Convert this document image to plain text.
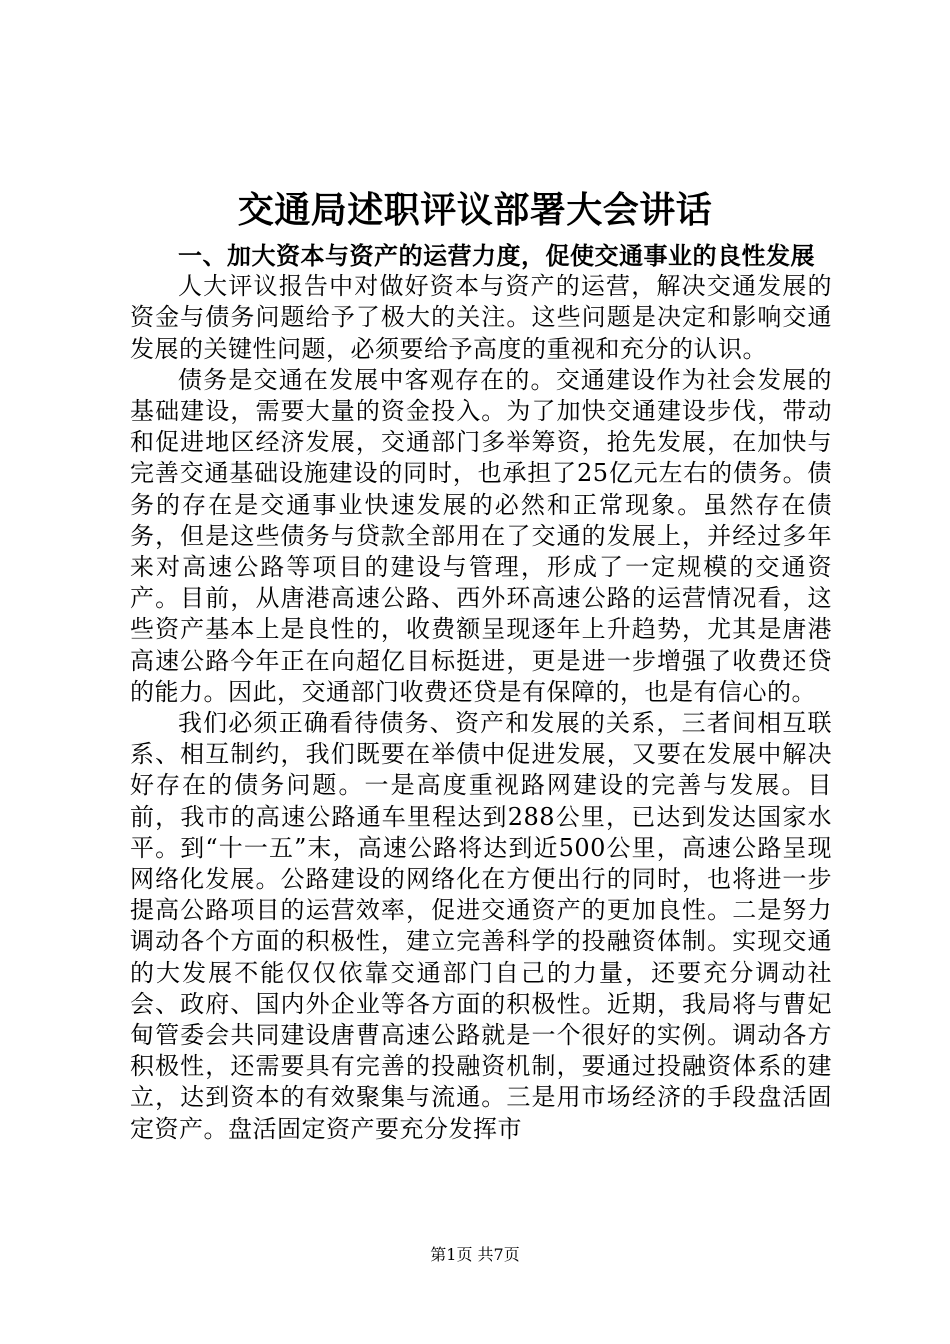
交通局述职评议部署大会讲话

一、加大资本与资产的运营力度，促使交通事业的良性发展

人大评议报告中对做好资本与资产的运营，解决交通发展的资金与债务问题给予了极大的关注。这些问题是决定和影响交通发展的关键性问题，必须要给予高度的重视和充分的认识。

债务是交通在发展中客观存在的。交通建设作为社会发展的基础建设，需要大量的资金投入。为了加快交通建设步伐，带动和促进地区经济发展，交通部门多举筹资，抢先发展，在加快与完善交通基础设施建设的同时，也承担了25亿元左右的债务。债务的存在是交通事业快速发展的必然和正常现象。虽然存在债务，但是这些债务与贷款全部用在了交通的发展上，并经过多年来对高速公路等项目的建设与管理，形成了一定规模的交通资产。目前，从唐港高速公路、西外环高速公路的运营情况看，这些资产基本上是良性的，收费额呈现逐年上升趋势，尤其是唐港高速公路今年正在向超亿目标挺进，更是进一步增强了收费还贷的能力。因此，交通部门收费还贷是有保障的，也是有信心的。

我们必须正确看待债务、资产和发展的关系，三者间相互联系、相互制约，我们既要在举债中促进发展，又要在发展中解决好存在的债务问题。一是高度重视路网建设的完善与发展。目前，我市的高速公路通车里程达到288公里，已达到发达国家水平。到“十一五”末，高速公路将达到近500公里，高速公路呈现网络化发展。公路建设的网络化在方便出行的同时，也将进一步提高公路项目的运营效率，促进交通资产的更加良性。二是努力调动各个方面的积极性，建立完善科学的投融资体制。实现交通的大发展不能仅仅依靠交通部门自己的力量，还要充分调动社会、政府、国内外企业等各方面的积极性。近期，我局将与曹妃甸管委会共同建设唐曹高速公路就是一个很好的实例。调动各方积极性，还需要具有完善的投融资机制，要通过投融资体系的建立，达到资本的有效聚集与流通。三是用市场经济的手段盘活固定资产。盘活固定资产要充分发挥市

第1页 共7页
